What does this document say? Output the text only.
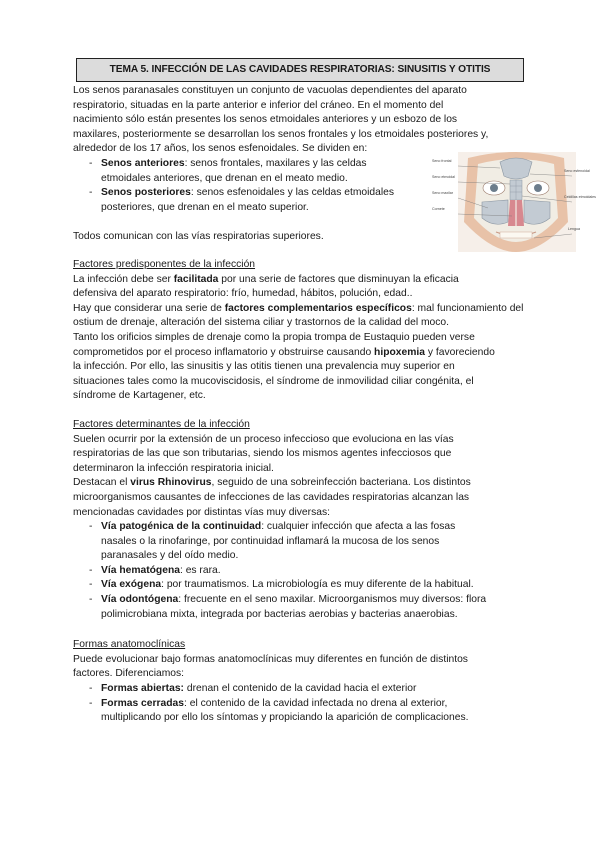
TEMA 5. INFECCIÓN DE LAS CAVIDADES RESPIRATORIAS: SINUSITIS Y OTITIS
Los senos paranasales constituyen un conjunto de vacuolas dependientes del aparato
respiratorio, situadas en la parte anterior e inferior del cráneo. En el momento del
nacimiento sólo están presentes los senos etmoidales anteriores y un esbozo de los
maxilares, posteriormente se desarrollan los senos frontales y los etmoidales posteriores y,
alrededor de los 17 años, los senos esfenoidales. Se dividen en:
- Senos anteriores: senos frontales, maxilares y las celdas
etmoidales anteriores, que drenan en el meato medio.
- Senos posteriores: senos esfenoidales y las celdas etmoidales
posteriores, que drenan en el meato superior.
Todos comunican con las vías respiratorias superiores.
Seno frontal
Seno etmoidal
Seno maxilar
Cornete
Seno esfenoidal
Celdillas etmoidales
Lengua
Factores predisponentes de la infección
La infección debe ser facilitada por una serie de factores que disminuyan la eficacia
defensiva del aparato respiratorio: frío, humedad, hábitos, polución, edad..
Hay que considerar una serie de factores complementarios específicos: mal funcionamiento del
ostium de drenaje, alteración del sistema ciliar y trastornos de la calidad del moco.
Tanto los orificios simples de drenaje como la propia trompa de Eustaquio pueden verse
comprometidos por el proceso inflamatorio y obstruirse causando hipoxemia y favoreciendo
la infección. Por ello, las sinusitis y las otitis tienen una prevalencia muy superior en
situaciones tales como la mucoviscidosis, el síndrome de inmovilidad ciliar congénita, el
síndrome de Kartagener, etc.
Factores determinantes de la infección
Suelen ocurrir por la extensión de un proceso infeccioso que evoluciona en las vías
respiratorias de las que son tributarias, siendo los mismos agentes infecciosos que
determinaron la infección respiratoria inicial.
Destacan el virus Rhinovirus, seguido de una sobreinfección bacteriana. Los distintos
microorganismos causantes de infecciones de las cavidades respiratorias alcanzan las
mencionadas cavidades por distintas vías muy diversas:
- Vía patogénica de la continuidad: cualquier infección que afecta a las fosas
nasales o la rinofaringe, por continuidad inflamará la mucosa de los senos
paranasales y del oído medio.
- Vía hematógena: es rara.
- Vía exógena: por traumatismos. La microbiología es muy diferente de la habitual.
- Vía odontógena: frecuente en el seno maxilar. Microorganismos muy diversos: flora
polimicrobiana mixta, integrada por bacterias aerobias y bacterias anaerobias.
Formas anatomoclínicas
Puede evolucionar bajo formas anatomoclínicas muy diferentes en función de distintos
factores. Diferenciamos:
- Formas abiertas: drenan el contenido de la cavidad hacia el exterior
- Formas cerradas: el contenido de la cavidad infectada no drena al exterior,
multiplicando por ello los síntomas y propiciando la aparición de complicaciones.
